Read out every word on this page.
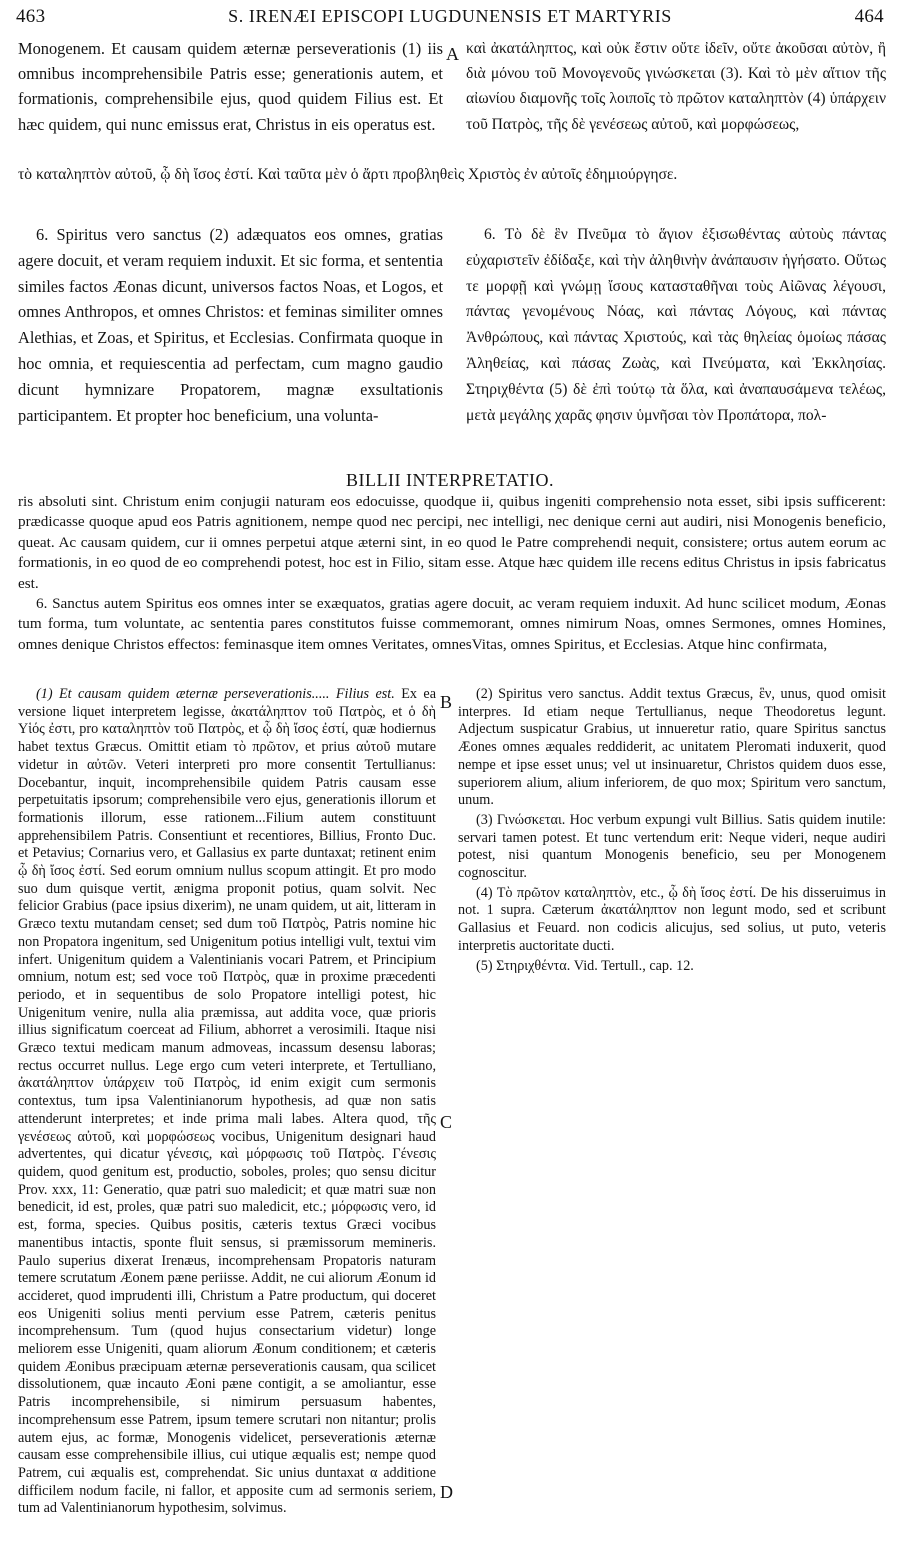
463	S. IRENÆI EPISCOPI LUGDUNENSIS ET MARTYRIS	464

Monogenem. Et causam quidem æternæ perseverationis (1) iis omnibus incomprehensibile Patris esse; generationis autem, et formationis, comprehensibile ejus, quod quidem Filius est. Et hæc quidem, qui nunc emissus erat, Christus in eis operatus est.

A καὶ ἀκατάληπτος, καὶ οὐκ ἔστιν οὔτε ἰδεῖν, οὔτε ἀκοῦσαι αὐτὸν, ἢ διὰ μόνου τοῦ Μονογενοῦς γινώσκεται (3). Καὶ τὸ μὲν αἴτιον τῆς αἰωνίου διαμονῆς τοῖς λοιποῖς τὸ πρῶτον καταληπτὸν (4) ὑπάρχειν τοῦ Πατρὸς, τῆς δὲ γενέσεως αὐτοῦ, καὶ μορφώσεως,

τὸ καταληπτὸν αὐτοῦ, ᾧ δὴ ἴσος ἐστί. Καὶ ταῦτα μὲν ὁ ἄρτι προβληθεὶς Χριστὸς ἐν αὐτοῖς ἐδημιούργησε.

6. Spiritus vero sanctus (2) adæquatos eos omnes, gratias agere docuit, et veram requiem induxit. Et sic forma, et sententia similes factos Æonas dicunt, universos factos Noas, et Logos, et omnes Anthropos, et omnes Christos: et feminas similiter omnes Alethias, et Zoas, et Spiritus, et Ecclesias. Confirmata quoque in hoc omnia, et requiescentia ad perfectam, cum magno gaudio dicunt hymnizare Propatorem, magnæ exsultationis participantem. Et propter hoc beneficium, una volunta-

6. Τὸ δὲ ἓν Πνεῦμα τὸ ἅγιον ἐξισωθέντας αὐτοὺς πάντας εὐχαριστεῖν ἐδίδαξε, καὶ τὴν ἀληθινὴν ἀνάπαυσιν ἡγήσατο. Οὕτως τε μορφῇ καὶ γνώμῃ ἴσους κατασταθῆναι τοὺς Αἰῶνας λέγουσι, πάντας γενομένους Νόας, καὶ πάντας Λόγους, καὶ πάντας Ἀνθρώπους, καὶ πάντας Χριστούς, καὶ τὰς θηλείας ὁμοίως πάσας Ἀληθείας, καὶ πάσας Ζωὰς, καὶ Πνεύματα, καὶ Ἐκκλησίας. Στηριχθέντα (5) δὲ ἐπὶ τούτῳ τὰ ὅλα, καὶ ἀναπαυσάμενα τελέως, μετὰ μεγάλης χαρᾶς φησιν ὑμνῆσαι τὸν Προπάτορα, πολ-

BILLII INTERPRETATIO.

ris absoluti sint. Christum enim conjugii naturam eos edocuisse, quodque ii, quibus ingeniti comprehensio nota esset, sibi ipsis sufficerent: prædicasse quoque apud eos Patris agnitionem, nempe quod nec percipi, nec intelligi, nec denique cerni aut audiri, nisi Monogenis beneficio, queat. Ac causam quidem, cur ii omnes perpetui atque æterni sint, in eo quod le Patre comprehendi nequit, consistere; ortus autem eorum ac formationis, in eo quod de eo comprehendi potest, hoc est in Filio, sitam esse. Atque hæc quidem ille recens editus Christus in ipsis fabricatus est.

6. Sanctus autem Spiritus eos omnes inter se exæquatos, gratias agere docuit, ac veram requiem induxit. Ad hunc scilicet modum, Æonas tum forma, tum voluntate, ac sententia pares constitutos fuisse commemorant, omnes nimirum Noas, omnes Sermones, omnes Homines, omnes denique Christos effectos: feminasque item omnes Veritates, omnesVitas, omnes Spiritus, et Ecclesias. Atque hinc confirmata,

(1) Et causam quidem æternæ perseverationis..... Filius est. Ex ea versione liquet interpretem legisse, ἀκατάληπτον τοῦ Πατρὸς, et ὁ δὴ Υἱός ἐστι, pro καταληπτὸν τοῦ Πατρὸς, et ᾧ δὴ ἴσος ἐστί, quæ hodiernus habet textus Græcus. Omittit etiam τὸ πρῶτον, et prius αὐτοῦ mutare videtur in αὐτῶν. Veteri interpreti pro more consentit Tertullianus: Docebantur, inquit, incomprehensibile quidem Patris causam esse perpetuitatis ipsorum; comprehensibile vero ejus, generationis illorum et formationis illorum, esse rationem...Filium autem constituunt apprehensibilem Patris. Consentiunt et recentiores, Billius, Fronto Duc. et Petavius; Cornarius vero, et Gallasius ex parte duntaxat; retinent enim ᾧ δὴ ἴσος ἐστί. Sed eorum omnium nullus scopum attingit. Et pro modo suo dum quisque vertit, ænigma proponit potius, quam solvit. Nec felicior Grabius (pace ipsius dixerim), ne unam quidem, ut ait, litteram in Græco textu mutandam censet; sed dum τοῦ Πατρὸς, Patris nomine hic non Propatora ingenitum, sed Unigenitum potius intelligi vult, textui vim infert. Unigenitum quidem a Valentinianis vocari Patrem, et Principium omnium, notum est; sed voce τοῦ Πατρὸς, quæ in proxime præcedenti periodo, et in sequentibus de solo Propatore intelligi potest, hic Unigenitum venire, nulla alia præmissa, aut addita voce, quæ prioris illius significatum coerceat ad Filium, abhorret a verosimili. Itaque nisi Græco textui medicam manum admoveas, incassum desensu laboras; rectus occurret nullus. Lege ergo cum veteri interprete, et Tertulliano, ἀκατάληπτον ὑπάρχειν τοῦ Πατρὸς, id enim exigit cum sermonis contextus, tum ipsa Valentinianorum hypothesis, ad quæ non satis attenderunt interpretes; et inde prima mali labes. Altera quod, τῆς γενέσεως αὐτοῦ, καὶ μορφώσεως vocibus, Unigenitum designari haud advertentes, qui dicatur γένεσις, καὶ μόρφωσις τοῦ Πατρὸς. Γένεσις quidem, quod genitum est, productio, soboles, proles; quo sensu dicitur Prov. xxx, 11: Generatio, quæ patri suo maledicit; et quæ matri suæ non benedicit, id est, proles, quæ patri suo maledicit, etc.; μόρφωσις vero, id est, forma, species. Quibus positis, cæteris textus Græci vocibus manentibus intactis, sponte fluit sensus, si præmissorum memineris. Paulo superius dixerat Irenæus, incomprehensam Propatoris naturam temere scrutatum Æonem pæne periisse. Addit, ne cui aliorum Æonum id accideret, quod imprudenti illi, Christum a Patre productum, qui doceret eos Unigeniti solius menti pervium esse Patrem, cæteris penitus incomprehensum. Tum (quod hujus consectarium videtur) longe meliorem esse Unigeniti, quam aliorum Æonum conditionem; et cæteris quidem Æonibus præcipuam æternæ perseverationis causam, qua scilicet dissolutionem, quæ incauto Æoni pæne contigit, a se amoliantur, esse Patris incomprehensibile, si nimirum persuasum habentes, incomprehensum esse Patrem, ipsum temere scrutari non nitantur; prolis autem ejus, ac formæ, Monogenis videlicet, perseverationis æternæ causam esse comprehensibile illius, cui utique æqualis est; nempe quod Patrem, cui æqualis est, comprehendat. Sic unius duntaxat α additione difficilem nodum facile, ni fallor, et apposite cum ad sermonis seriem, tum ad Valentinianorum hypothesim, solvimus.

B
C
D

(2) Spiritus vero sanctus. Addit textus Græcus, ἓν, unus, quod omisit interpres. Id etiam neque Tertullianus, neque Theodoretus legunt. Adjectum suspicatur Grabius, ut innueretur ratio, quare Spiritus sanctus Æones omnes æquales reddiderit, ac unitatem Pleromati induxerit, quod nempe et ipse esset unus; vel ut insinuaretur, Christos quidem duos esse, superiorem alium, alium inferiorem, de quo mox; Spiritum vero sanctum, unum.

(3) Γινώσκεται. Hoc verbum expungi vult Billius. Satis quidem inutile: servari tamen potest. Et tunc vertendum erit: Neque videri, neque audiri potest, nisi quantum Monogenis beneficio, seu per Monogenem cognoscitur.

(4) Τὸ πρῶτον καταληπτὸν, etc., ᾧ δὴ ἴσος ἐστί. De his disseruimus in not. 1 supra. Cæterum ἀκατάληπτον non legunt modo, sed et scribunt Gallasius et Feuard. non codicis alicujus, sed solius, ut puto, veteris interpretis auctoritate ducti.

(5) Στηριχθέντα. Vid. Tertull., cap. 12.
